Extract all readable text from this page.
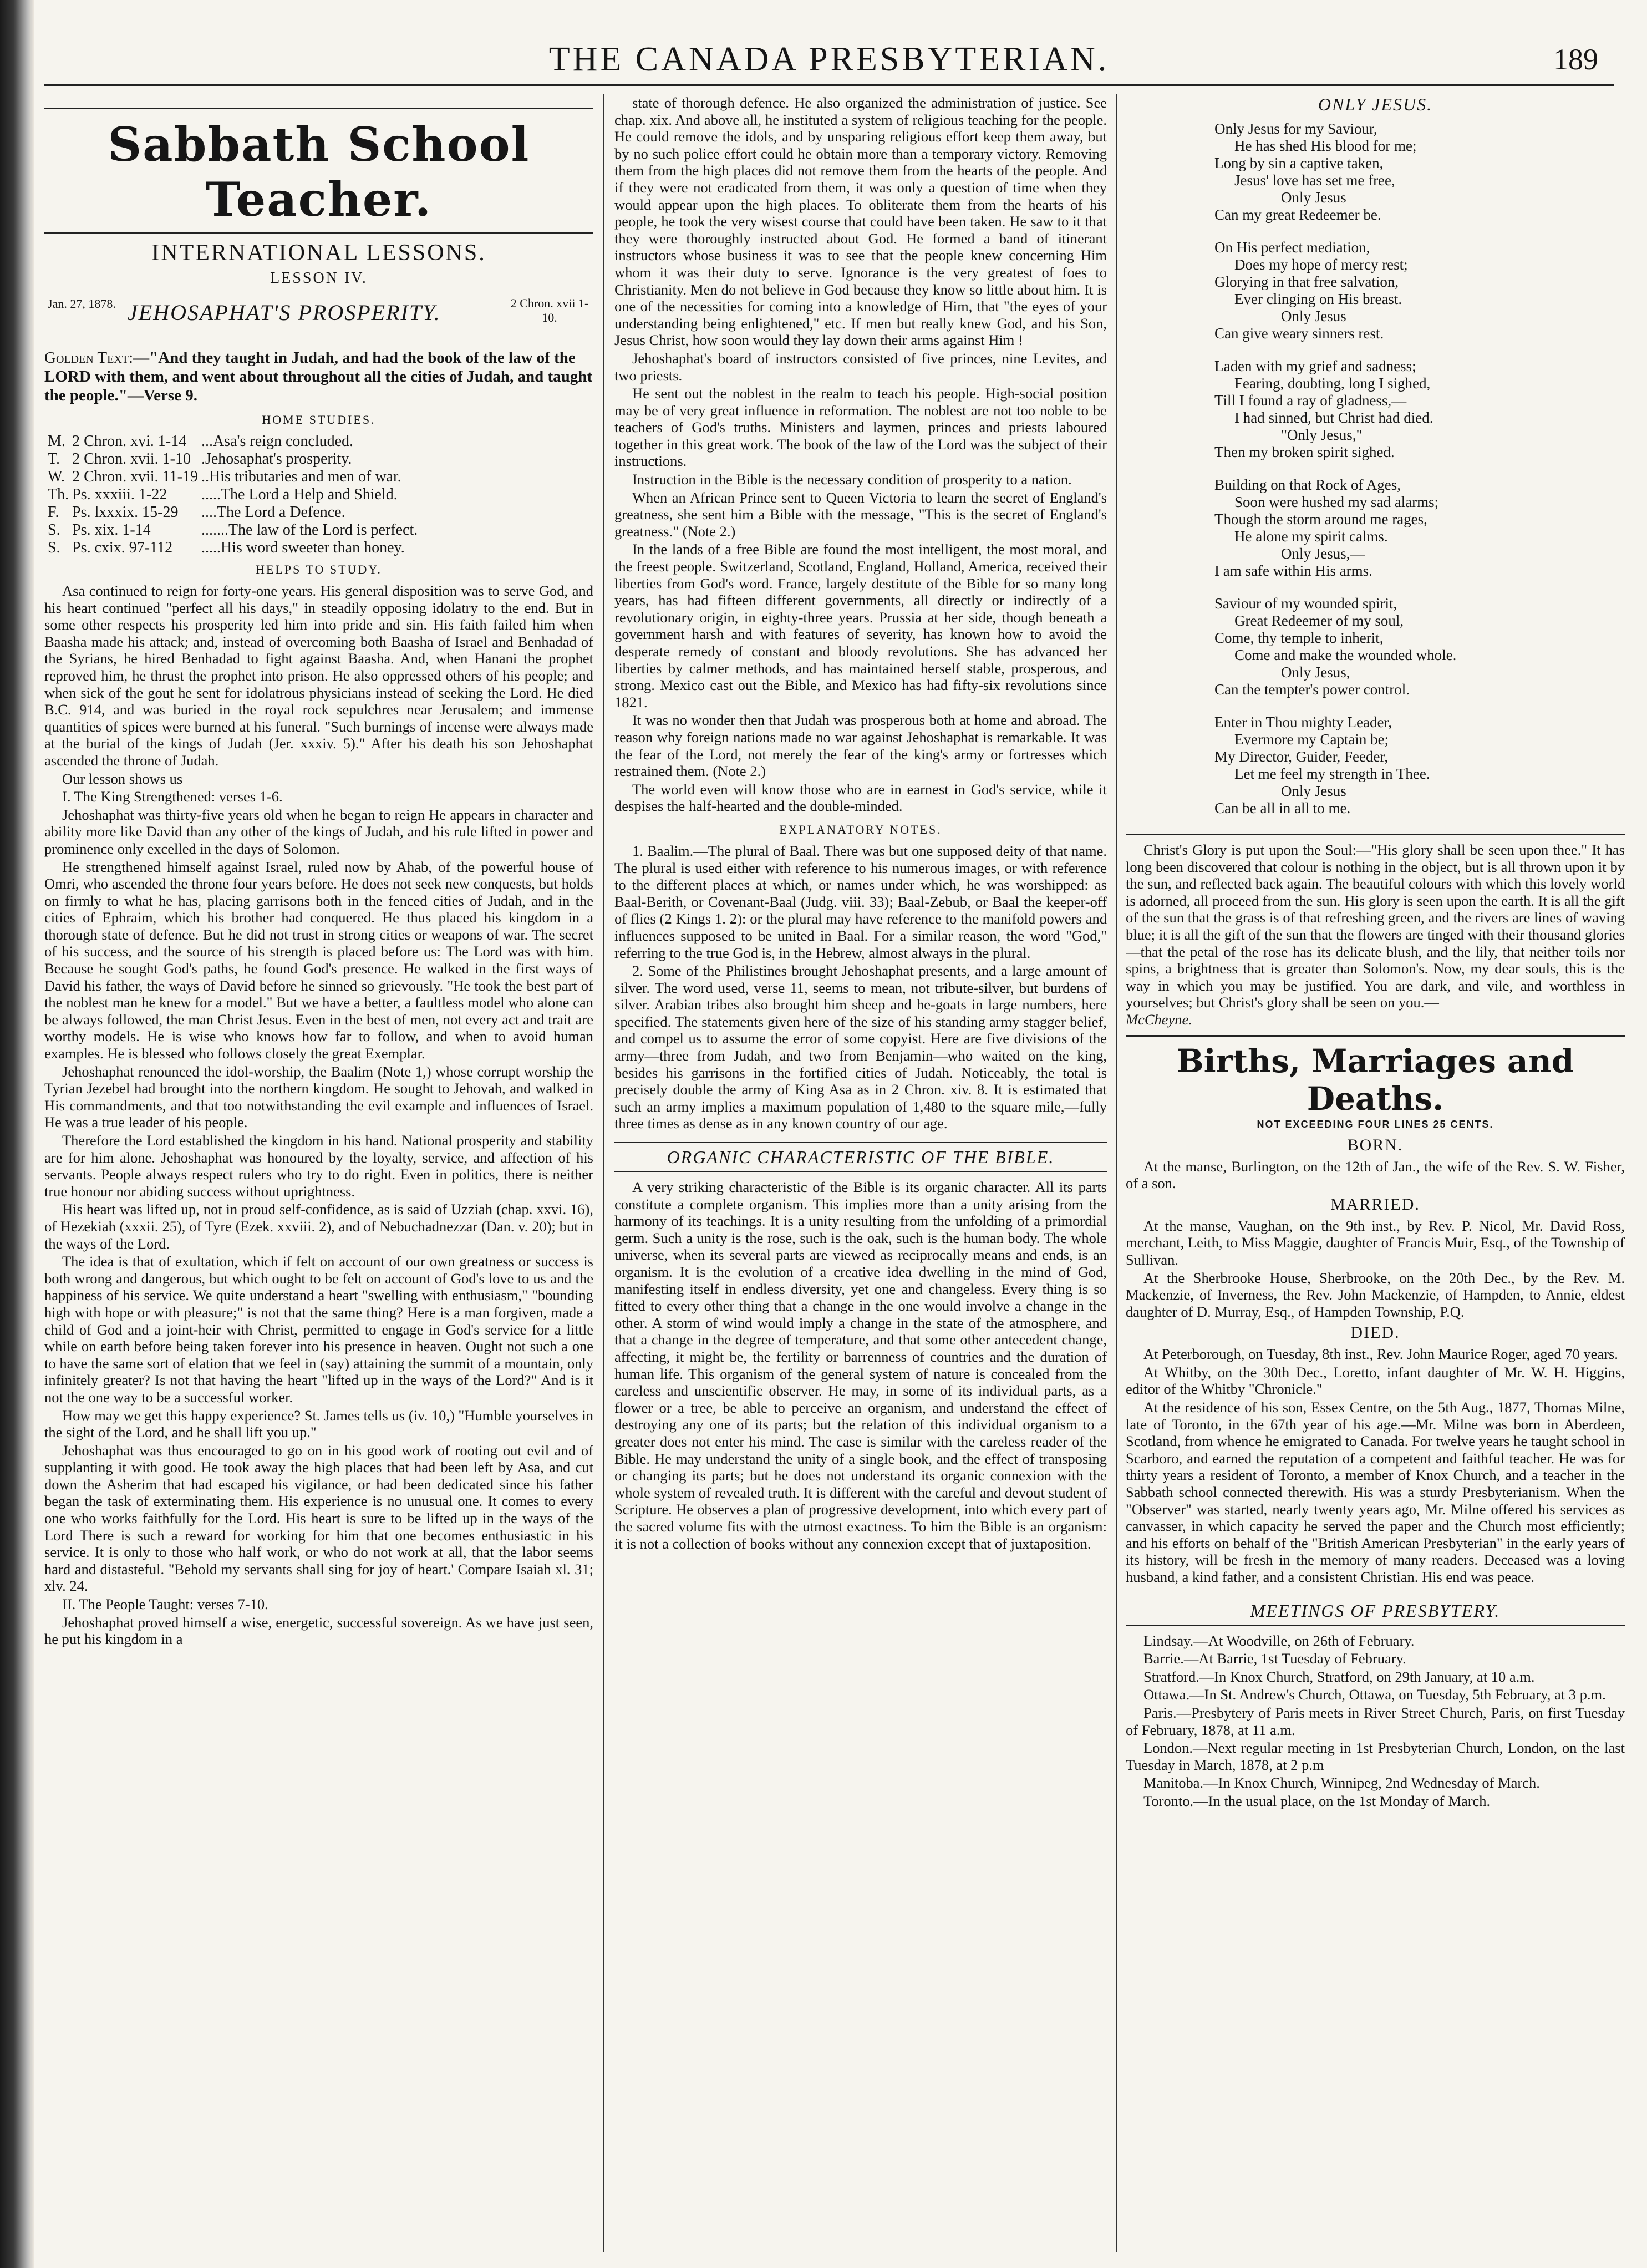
THE CANADA PRESBYTERIAN.	189
Sabbath School Teacher.
INTERNATIONAL LESSONS.
LESSON IV.
Jan. 27, 1878. JEHOSAPHAT'S PROSPERITY.	2 Chron. xvii 1-10.
Golden Text:—"And they taught in Judah, and had the book of the law of the LORD with them, and went about throughout all the cities of Judah, and taught the people."—Verse 9.
HOME STUDIES.
M.	2 Chron. xvi. 1-14	...Asa's reign concluded.
T.	2 Chron. xvii. 1-10	.Jehosaphat's prosperity.
W.	2 Chron. xvii. 11-19	..His tributaries and men of war.
Th.	Ps. xxxiii. 1-22	.....The Lord a Help and Shield.
F.	Ps. lxxxix. 15-29	....The Lord a Defence.
S.	Ps. xix. 1-14	.......The law of the Lord is perfect.
S.	Ps. cxix. 97-112	.....His word sweeter than honey.
HELPS TO STUDY.

Asa continued to reign for forty-one years. His general disposition was to serve God, and his heart continued "perfect all his days," in steadily opposing idolatry to the end. But in some other respects his prosperity led him into pride and sin. His faith failed him when Baasha made his attack; and, instead of overcoming both Baasha of Israel and Benhadad of the Syrians, he hired Benhadad to fight against Baasha. And, when Hanani the prophet reproved him, he thrust the prophet into prison. He also oppressed others of his people; and when sick of the gout he sent for idolatrous physicians instead of seeking the Lord. He died B.C. 914, and was buried in the royal rock sepulchres near Jerusalem; and immense quantities of spices were burned at his funeral. "Such burnings of incense were always made at the burial of the kings of Judah (Jer. xxxiv. 5)." After his death his son Jehoshaphat ascended the throne of Judah.

Our lesson shows us

I. The King Strengthened: verses 1-6.

Jehoshaphat was thirty-five years old when he began to reign He appears in character and ability more like David than any other of the kings of Judah, and his rule lifted in power and prominence only excelled in the days of Solomon.

He strengthened himself against Israel, ruled now by Ahab, of the powerful house of Omri, who ascended the throne four years before. He does not seek new conquests, but holds on firmly to what he has, placing garrisons both in the fenced cities of Judah, and in the cities of Ephraim, which his brother had conquered. He thus placed his kingdom in a thorough state of defence. But he did not trust in strong cities or weapons of war. The secret of his success, and the source of his strength is placed before us: The Lord was with him. Because he sought God's paths, he found God's presence. He walked in the first ways of David his father, the ways of David before he sinned so grievously. "He took the best part of the noblest man he knew for a model." But we have a better, a faultless model who alone can be always followed, the man Christ Jesus. Even in the best of men, not every act and trait are worthy models. He is wise who knows how far to follow, and when to avoid human examples. He is blessed who follows closely the great Exemplar.

Jehoshaphat renounced the idol-worship, the Baalim (Note 1,) whose corrupt worship the Tyrian Jezebel had brought into the northern kingdom. He sought to Jehovah, and walked in His commandments, and that too notwithstanding the evil example and influences of Israel. He was a true leader of his people.

Therefore the Lord established the kingdom in his hand. National prosperity and stability are for him alone. Jehoshaphat was honoured by the loyalty, service, and affection of his servants. People always respect rulers who try to do right. Even in politics, there is neither true honour nor abiding success without uprightness.

His heart was lifted up, not in proud self-confidence, as is said of Uzziah (chap. xxvi. 16), of Hezekiah (xxxii. 25), of Tyre (Ezek. xxviii. 2), and of Nebuchadnezzar (Dan. v. 20); but in the ways of the Lord.

The idea is that of exultation, which if felt on account of our own greatness or success is both wrong and dangerous, but which ought to be felt on account of God's love to us and the happiness of his service. We quite understand a heart "swelling with enthusiasm," "bounding high with hope or with pleasure;" is not that the same thing? Here is a man forgiven, made a child of God and a joint-heir with Christ, permitted to engage in God's service for a little while on earth before being taken forever into his presence in heaven. Ought not such a one to have the same sort of elation that we feel in (say) attaining the summit of a mountain, only infinitely greater? Is not that having the heart "lifted up in the ways of the Lord?" And is it not the one way to be a successful worker.

How may we get this happy experience? St. James tells us (iv. 10,) "Humble yourselves in the sight of the Lord, and he shall lift you up."

Jehoshaphat was thus encouraged to go on in his good work of rooting out evil and of supplanting it with good. He took away the high places that had been left by Asa, and cut down the Asherim that had escaped his vigilance, or had been dedicated since his father began the task of exterminating them. His experience is no unusual one. It comes to every one who works faithfully for the Lord. His heart is sure to be lifted up in the ways of the Lord There is such a reward for working for him that one becomes enthusiastic in his service. It is only to those who half work, or who do not work at all, that the labor seems hard and distasteful. "Behold my servants shall sing for joy of heart.' Compare Isaiah xl. 31; xlv. 24.

II. The People Taught: verses 7-10.

Jehoshaphat proved himself a wise, energetic, successful sovereign. As we have just seen, he put his kingdom in a

state of thorough defence. He also organized the administration of justice. See chap. xix. And above all, he instituted a system of religious teaching for the people. He could remove the idols, and by unsparing religious effort keep them away, but by no such police effort could he obtain more than a temporary victory. Removing them from the high places did not remove them from the hearts of the people. And if they were not eradicated from them, it was only a question of time when they would appear upon the high places. To obliterate them from the hearts of his people, he took the very wisest course that could have been taken. He saw to it that they were thoroughly instructed about God. He formed a band of itinerant instructors whose business it was to see that the people knew concerning Him whom it was their duty to serve. Ignorance is the very greatest of foes to Christianity. Men do not believe in God because they know so little about him. It is one of the necessities for coming into a knowledge of Him, that "the eyes of your understanding being enlightened," etc. If men but really knew God, and his Son, Jesus Christ, how soon would they lay down their arms against Him !

Jehoshaphat's board of instructors consisted of five princes, nine Levites, and two priests.

He sent out the noblest in the realm to teach his people. High-social position may be of very great influence in reformation. The noblest are not too noble to be teachers of God's truths. Ministers and laymen, princes and priests laboured together in this great work. The book of the law of the Lord was the subject of their instructions.

Instruction in the Bible is the necessary condition of prosperity to a nation.

When an African Prince sent to Queen Victoria to learn the secret of England's greatness, she sent him a Bible with the message, "This is the secret of England's greatness." (Note 2.)

In the lands of a free Bible are found the most intelligent, the most moral, and the freest people. Switzerland, Scotland, England, Holland, America, received their liberties from God's word. France, largely destitute of the Bible for so many long years, has had fifteen different governments, all directly or indirectly of a revolutionary origin, in eighty-three years. Prussia at her side, though beneath a government harsh and with features of severity, has known how to avoid the desperate remedy of constant and bloody revolutions. She has advanced her liberties by calmer methods, and has maintained herself stable, prosperous, and strong. Mexico cast out the Bible, and Mexico has had fifty-six revolutions since 1821.

It was no wonder then that Judah was prosperous both at home and abroad. The reason why foreign nations made no war against Jehoshaphat is remarkable. It was the fear of the Lord, not merely the fear of the king's army or fortresses which restrained them. (Note 2.)

The world even will know those who are in earnest in God's service, while it despises the half-hearted and the double-minded.

EXPLANATORY NOTES.

1. Baalim.—The plural of Baal. There was but one supposed deity of that name. The plural is used either with reference to his numerous images, or with reference to the different places at which, or names under which, he was worshipped: as Baal-Berith, or Covenant-Baal (Judg. viii. 33); Baal-Zebub, or Baal the keeper-off of flies (2 Kings 1. 2): or the plural may have reference to the manifold powers and influences supposed to be united in Baal. For a similar reason, the word "God," referring to the true God is, in the Hebrew, almost always in the plural.

2. Some of the Philistines brought Jehoshaphat presents, and a large amount of silver. The word used, verse 11, seems to mean, not tribute-silver, but burdens of silver. Arabian tribes also brought him sheep and he-goats in large numbers, here specified. The statements given here of the size of his standing army stagger belief, and compel us to assume the error of some copyist. Here are five divisions of the army—three from Judah, and two from Benjamin—who waited on the king, besides his garrisons in the fortified cities of Judah. Noticeably, the total is precisely double the army of King Asa as in 2 Chron. xiv. 8. It is estimated that such an army implies a maximum population of 1,480 to the square mile,—fully three times as dense as in any known country of our age.

ORGANIC CHARACTERISTIC OF THE BIBLE.

A very striking characteristic of the Bible is its organic character. All its parts constitute a complete organism. This implies more than a unity arising from the harmony of its teachings. It is a unity resulting from the unfolding of a primordial germ. Such a unity is the rose, such is the oak, such is the human body. The whole universe, when its several parts are viewed as reciprocally means and ends, is an organism. It is the evolution of a creative idea dwelling in the mind of God, manifesting itself in endless diversity, yet one and changeless. Every thing is so fitted to every other thing that a change in the one would involve a change in the other. A storm of wind would imply a change in the state of the atmosphere, and that a change in the degree of temperature, and that some other antecedent change, affecting, it might be, the fertility or barrenness of countries and the duration of human life. This organism of the general system of nature is concealed from the careless and unscientific observer. He may, in some of its individual parts, as a flower or a tree, be able to perceive an organism, and understand the effect of destroying any one of its parts; but the relation of this individual organism to a greater does not enter his mind. The case is similar with the careless reader of the Bible. He may understand the unity of a single book, and the effect of transposing or changing its parts; but he does not understand its organic connexion with the whole system of revealed truth. It is different with the careful and devout student of Scripture. He observes a plan of progressive development, into which every part of the sacred volume fits with the utmost exactness. To him the Bible is an organism: it is not a collection of books without any connexion except that of juxtaposition.

ONLY JESUS.
Only Jesus for my Saviour,
He has shed His blood for me;
Long by sin a captive taken,
Jesus' love has set me free,
Only Jesus
Can my great Redeemer be.
On His perfect mediation,
Does my hope of mercy rest;
Glorying in that free salvation,
Ever clinging on His breast.
Only Jesus
Can give weary sinners rest.
Laden with my grief and sadness;
Fearing, doubting, long I sighed,
Till I found a ray of gladness,—
I had sinned, but Christ had died.
"Only Jesus,"
Then my broken spirit sighed.
Building on that Rock of Ages,
Soon were hushed my sad alarms;
Though the storm around me rages,
He alone my spirit calms.
Only Jesus,—
I am safe within His arms.
Saviour of my wounded spirit,
Great Redeemer of my soul,
Come, thy temple to inherit,
Come and make the wounded whole.
Only Jesus,
Can the tempter's power control.
Enter in Thou mighty Leader,
Evermore my Captain be;
My Director, Guider, Feeder,
Let me feel my strength in Thee.
Only Jesus
Can be all in all to me.

Christ's Glory is put upon the Soul:—"His glory shall be seen upon thee." It has long been discovered that colour is nothing in the object, but is all thrown upon it by the sun, and reflected back again. The beautiful colours with which this lovely world is adorned, all proceed from the sun. His glory is seen upon the earth. It is all the gift of the sun that the grass is of that refreshing green, and the rivers are lines of waving blue; it is all the gift of the sun that the flowers are tinged with their thousand glories—that the petal of the rose has its delicate blush, and the lily, that neither toils nor spins, a brightness that is greater than Solomon's. Now, my dear souls, this is the way in which you may be justified. You are dark, and vile, and worthless in yourselves; but Christ's glory shall be seen on you.—
McCheyne.

Births, Marriages and Deaths.
NOT EXCEEDING FOUR LINES 25 CENTS.
BORN.

At the manse, Burlington, on the 12th of Jan., the wife of the Rev. S. W. Fisher, of a son.

MARRIED.

At the manse, Vaughan, on the 9th inst., by Rev. P. Nicol, Mr. David Ross, merchant, Leith, to Miss Maggie, daughter of Francis Muir, Esq., of the Township of Sullivan.

At the Sherbrooke House, Sherbrooke, on the 20th Dec., by the Rev. M. Mackenzie, of Inverness, the Rev. John Mackenzie, of Hampden, to Annie, eldest daughter of D. Murray, Esq., of Hampden Township, P.Q.

DIED.

At Peterborough, on Tuesday, 8th inst., Rev. John Maurice Roger, aged 70 years.

At Whitby, on the 30th Dec., Loretto, infant daughter of Mr. W. H. Higgins, editor of the Whitby "Chronicle."

At the residence of his son, Essex Centre, on the 5th Aug., 1877, Thomas Milne, late of Toronto, in the 67th year of his age.—Mr. Milne was born in Aberdeen, Scotland, from whence he emigrated to Canada. For twelve years he taught school in Scarboro, and earned the reputation of a competent and faithful teacher. He was for thirty years a resident of Toronto, a member of Knox Church, and a teacher in the Sabbath school connected therewith. His was a sturdy Presbyterianism. When the "Observer" was started, nearly twenty years ago, Mr. Milne offered his services as canvasser, in which capacity he served the paper and the Church most efficiently; and his efforts on behalf of the "British American Presbyterian" in the early years of its history, will be fresh in the memory of many readers. Deceased was a loving husband, a kind father, and a consistent Christian. His end was peace.

MEETINGS OF PRESBYTERY.

Lindsay.—At Woodville, on 26th of February.

Barrie.—At Barrie, 1st Tuesday of February.

Stratford.—In Knox Church, Stratford, on 29th January, at 10 a.m.

Ottawa.—In St. Andrew's Church, Ottawa, on Tuesday, 5th February, at 3 p.m.

Paris.—Presbytery of Paris meets in River Street Church, Paris, on first Tuesday of February, 1878, at 11 a.m.

London.—Next regular meeting in 1st Presbyterian Church, London, on the last Tuesday in March, 1878, at 2 p.m

Manitoba.—In Knox Church, Winnipeg, 2nd Wednesday of March.

Toronto.—In the usual place, on the 1st Monday of March.
